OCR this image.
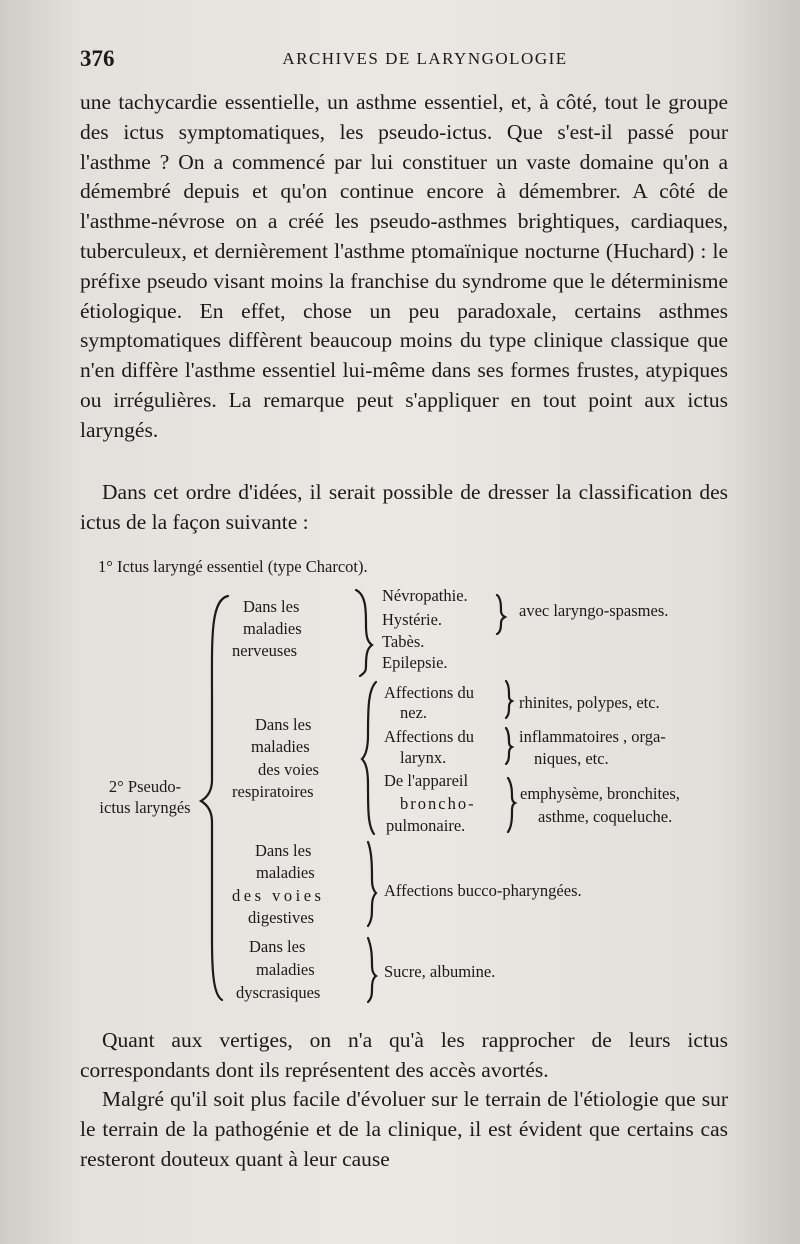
376	ARCHIVES DE LARYNGOLOGIE

une tachycardie essentielle, un asthme essentiel, et, à côté, tout le groupe des ictus symptomatiques, les pseudo-ictus. Que s'est-il passé pour l'asthme ? On a commencé par lui constituer un vaste domaine qu'on a démembré depuis et qu'on continue encore à démembrer. A côté de l'asthme-névrose on a créé les pseudo-asthmes brightiques, cardiaques, tuberculeux, et dernièrement l'asthme ptomaïnique nocturne (Huchard) : le préfixe pseudo visant moins la franchise du syndrome que le déterminisme étiologique. En effet, chose un peu paradoxale, certains asthmes symptomatiques diffèrent beaucoup moins du type clinique classique que n'en diffère l'asthme essentiel lui-même dans ses formes frustes, atypiques ou irrégulières. La remarque peut s'appliquer en tout point aux ictus laryngés.

Dans cet ordre d'idées, il serait possible de dresser la classification des ictus de la façon suivante :

1° Ictus laryngé essentiel (type Charcot).
2° Pseudo-
ictus laryngés
Dans les
maladies
nerveuses
Névropathie.
Hystérie.
Tabès.
Epilepsie.
avec laryngo-spasmes.
Dans les
maladies
des voies
respiratoires
Affections du
nez.
rhinites, polypes, etc.
Affections du
larynx.
inflammatoires , orga-
niques, etc.
De l'appareil
broncho-
pulmonaire.
emphysème, bronchites,
asthme, coqueluche.
Dans les
maladies
des voies
digestives
Affections bucco-pharyngées.
Dans les
maladies
dyscrasiques
Sucre, albumine.

Quant aux vertiges, on n'a qu'à les rapprocher de leurs ictus correspondants dont ils représentent des accès avortés.

Malgré qu'il soit plus facile d'évoluer sur le terrain de l'étiologie que sur le terrain de la pathogénie et de la clinique, il est évident que certains cas resteront douteux quant à leur cause
